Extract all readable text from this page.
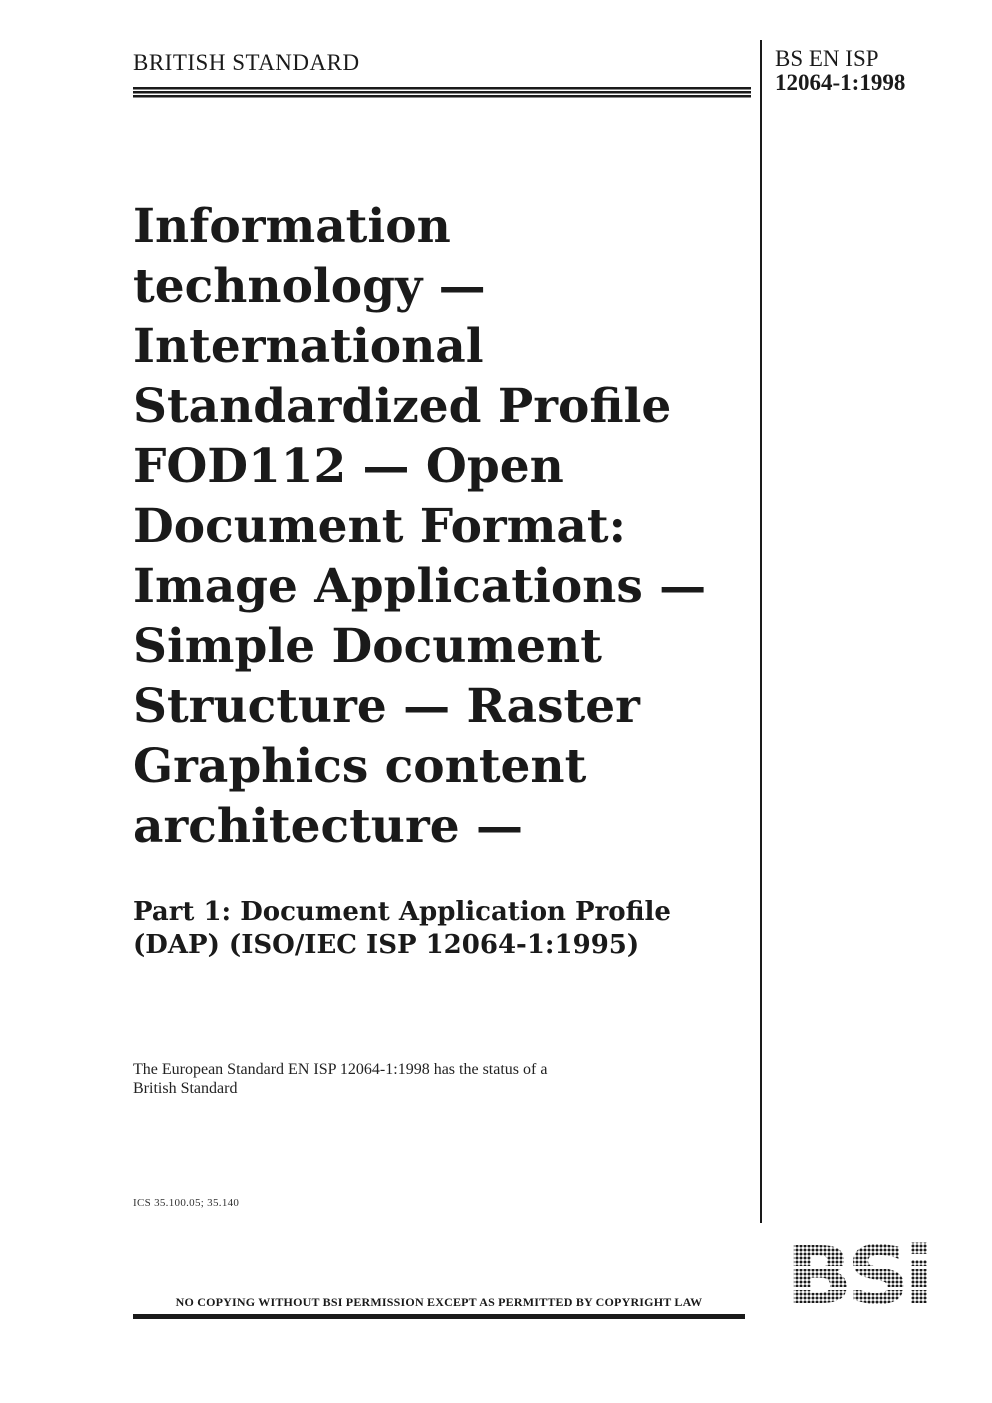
BRITISH STANDARD	BS EN ISP
12064-1:1998
Information
technology —
International
Standardized Profile
FOD112 — Open
Document Format:
Image Applications —
Simple Document
Structure — Raster
Graphics content
architecture —
Part 1: Document Application Profile
(DAP) (ISO/IEC ISP 12064-1:1995)
The European Standard EN ISP 12064-1:1998 has the status of a
British Standard
ICS 35.100.05; 35.140
NO COPYING WITHOUT BSI PERMISSION EXCEPT AS PERMITTED BY COPYRIGHT LAW
